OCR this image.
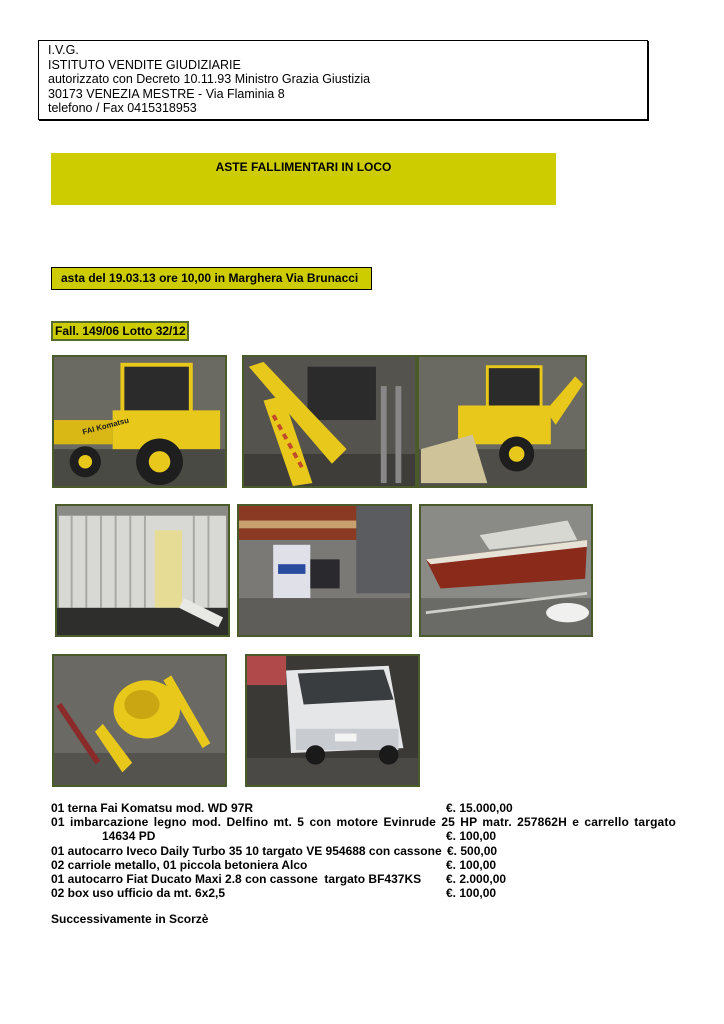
I.V.G.
ISTITUTO VENDITE GIUDIZIARIE
autorizzato con Decreto 10.11.93 Ministro Grazia Giustizia
30173 VENEZIA MESTRE - Via Flaminia 8
telefono / Fax 0415318953
ASTE FALLIMENTARI IN LOCO
asta del 19.03.13 ore 10,00 in Marghera Via Brunacci
Fall. 149/06 Lotto 32/12
FAI Komatsu
01 terna Fai Komatsu mod. WD 97R	€. 15.000,00
01 imbarcazione legno mod. Delfino mt. 5 con motore Evinrude 25 HP matr. 257862H e carrello targato
14634 PD	€. 100,00
01 autocarro Iveco Daily Turbo 35 10 targato VE 954688 con cassone €. 500,00
02 carriole metallo, 01 piccola betoniera Alco	€. 100,00
01 autocarro Fiat Ducato Maxi 2.8 con cassone  targato BF437KS €. 2.000,00
02 box uso ufficio da mt. 6x2,5	€. 100,00
Successivamente in Scorzè
